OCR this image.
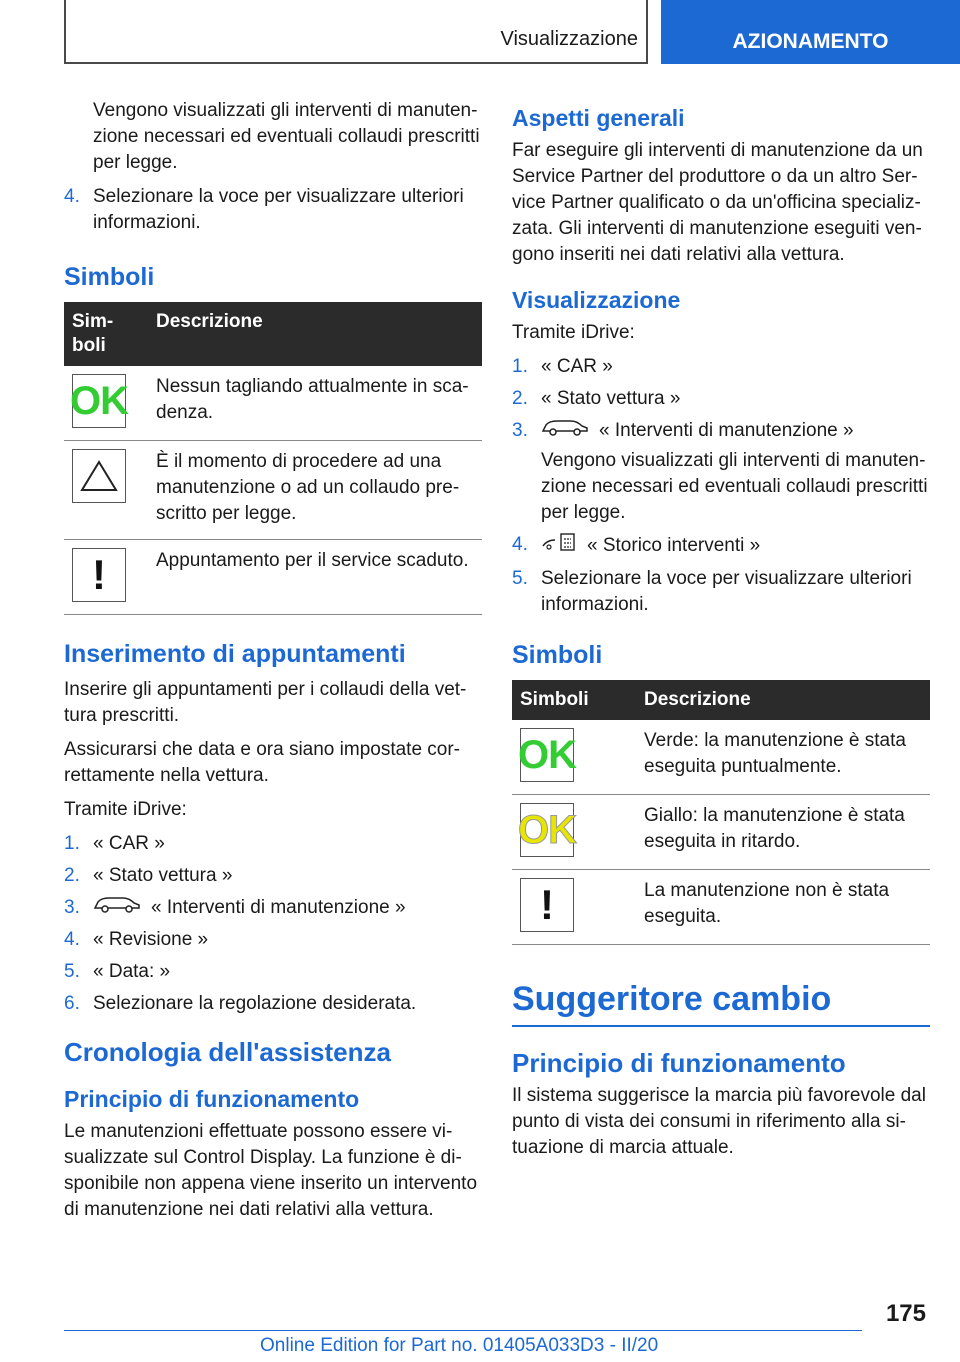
Visualizzazione	AZIONAMENTO

Vengono visualizzati gli interventi di manuten-zione necessari ed eventuali collaudi prescritti per legge.

4. Selezionare la voce per visualizzare ulteriori informazioni.
Simboli
Sim-boli	Descrizione

OK	Nessun tagliando attualmente in sca-denza.

	È il momento di procedere ad una manutenzione o ad un collaudo pre-scritto per legge.

!	Appuntamento per il service scaduto.
Inserimento di appuntamenti

Inserire gli appuntamenti per i collaudi della vet-tura prescritti.

Assicurarsi che data e ora siano impostate cor-rettamente nella vettura.

Tramite iDrive:

1. « CAR »
2. « Stato vettura »
3.	« Interventi di manutenzione »
4. « Revisione »
5. « Data: »
6. Selezionare la regolazione desiderata.
Cronologia dell'assistenza
Principio di funzionamento

Le manutenzioni effettuate possono essere vi-sualizzate sul Control Display. La funzione è di-sponibile non appena viene inserito un intervento di manutenzione nei dati relativi alla vettura.

Aspetti generali

Far eseguire gli interventi di manutenzione da un Service Partner del produttore o da un altro Ser-vice Partner qualificato o da un'officina specializ-zata. Gli interventi di manutenzione eseguiti ven-gono inseriti nei dati relativi alla vettura.

Visualizzazione

Tramite iDrive:

1. « CAR »
2. « Stato vettura »
3.	« Interventi di manutenzione »
Vengono visualizzati gli interventi di manuten-zione necessari ed eventuali collaudi prescritti per legge.
4.	« Storico interventi »
5. Selezionare la voce per visualizzare ulteriori informazioni.
Simboli
Simboli	Descrizione

OK	Verde: la manutenzione è stata eseguita puntualmente.

OK	Giallo: la manutenzione è stata eseguita in ritardo.

!	La manutenzione non è stata eseguita.
Suggeritore cambio
Principio di funzionamento

Il sistema suggerisce la marcia più favorevole dal punto di vista dei consumi in riferimento alla si-tuazione di marcia attuale.

175
Online Edition for Part no. 01405A033D3 - II/20
